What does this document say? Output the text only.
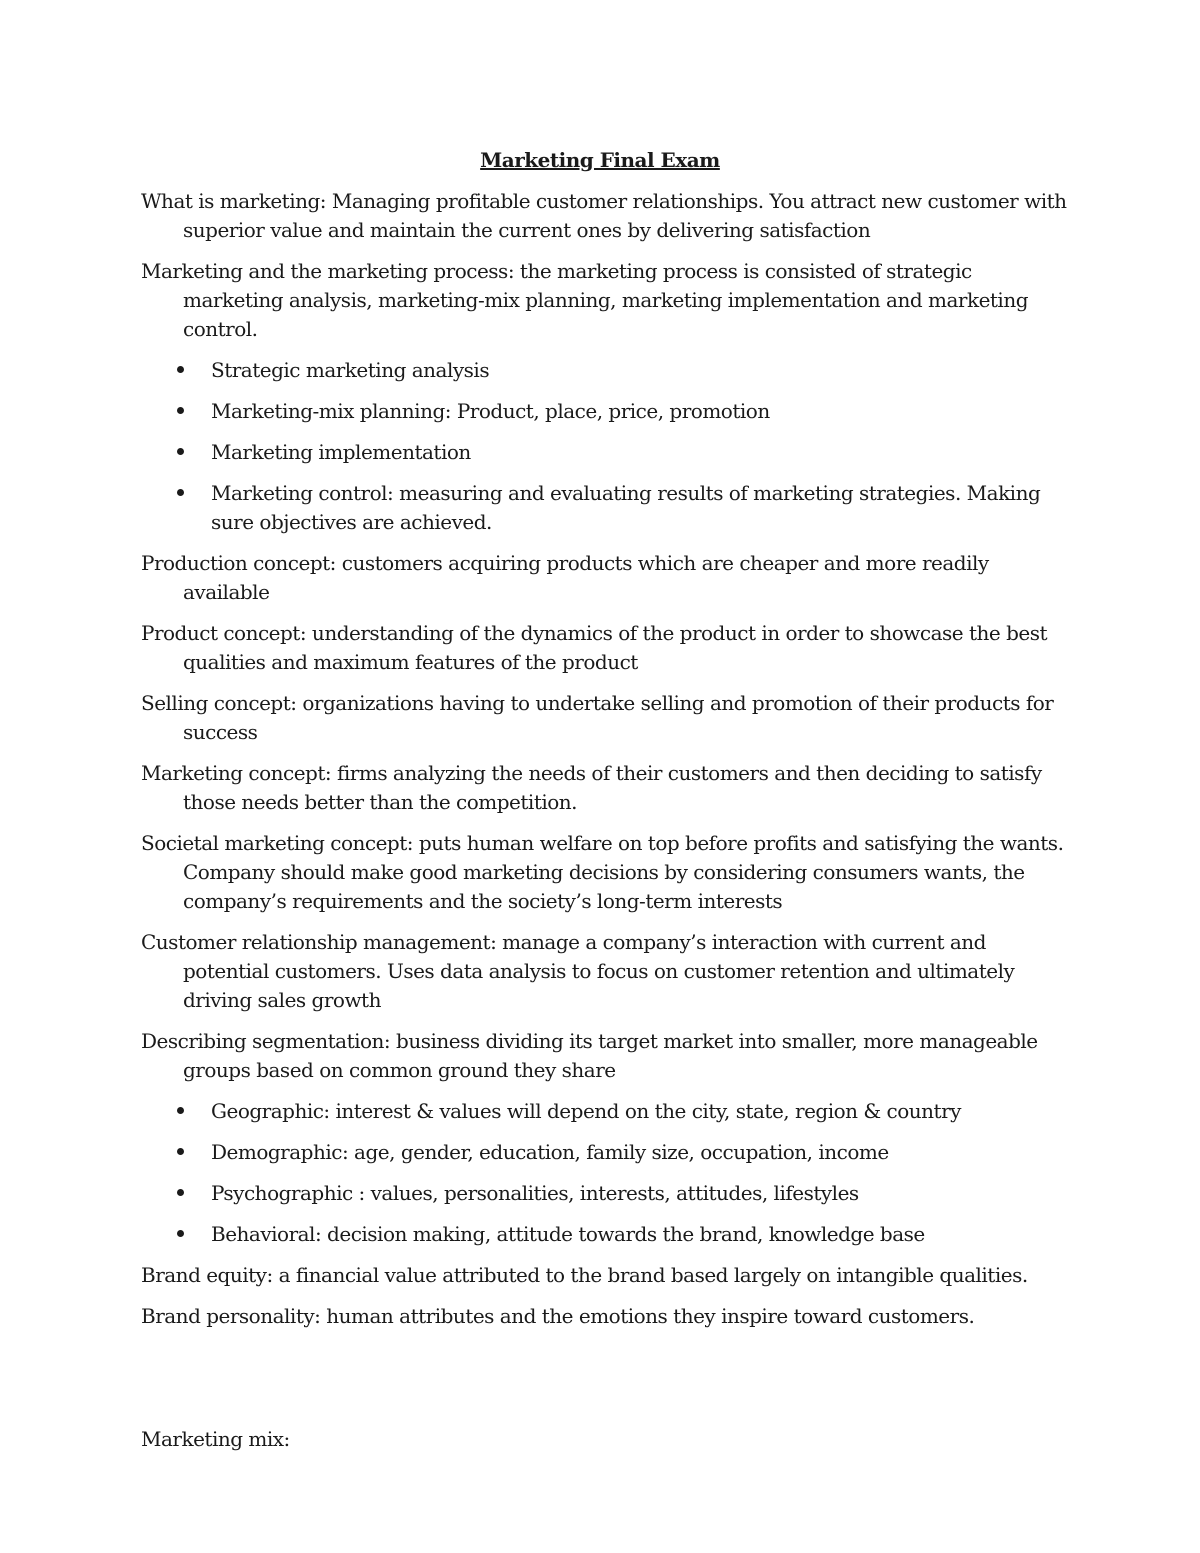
Marketing Final Exam

What is marketing: Managing profitable customer relationships. You attract new customer with superior value and maintain the current ones by delivering satisfaction

Marketing and the marketing process: the marketing process is consisted of strategic marketing analysis, marketing-mix planning, marketing implementation and marketing control.

Strategic marketing analysis
Marketing-mix planning: Product, place, price, promotion
Marketing implementation
Marketing control: measuring and evaluating results of marketing strategies. Making sure objectives are achieved.

Production concept: customers acquiring products which are cheaper and more readily available

Product concept: understanding of the dynamics of the product in order to showcase the best qualities and maximum features of the product

Selling concept: organizations having to undertake selling and promotion of their products for success

Marketing concept: firms analyzing the needs of their customers and then deciding to satisfy those needs better than the competition.

Societal marketing concept: puts human welfare on top before profits and satisfying the wants. Company should make good marketing decisions by considering consumers wants, the company’s requirements and the society’s long-term interests

Customer relationship management: manage a company’s interaction with current and potential customers. Uses data analysis to focus on customer retention and ultimately driving sales growth

Describing segmentation: business dividing its target market into smaller, more manageable groups based on common ground they share

Geographic: interest & values will depend on the city, state, region & country
Demographic: age, gender, education, family size, occupation, income
Psychographic : values, personalities, interests, attitudes, lifestyles
Behavioral: decision making, attitude towards the brand, knowledge base

Brand equity: a financial value attributed to the brand based largely on intangible qualities.

Brand personality: human attributes and the emotions they inspire toward customers.

Marketing mix:
